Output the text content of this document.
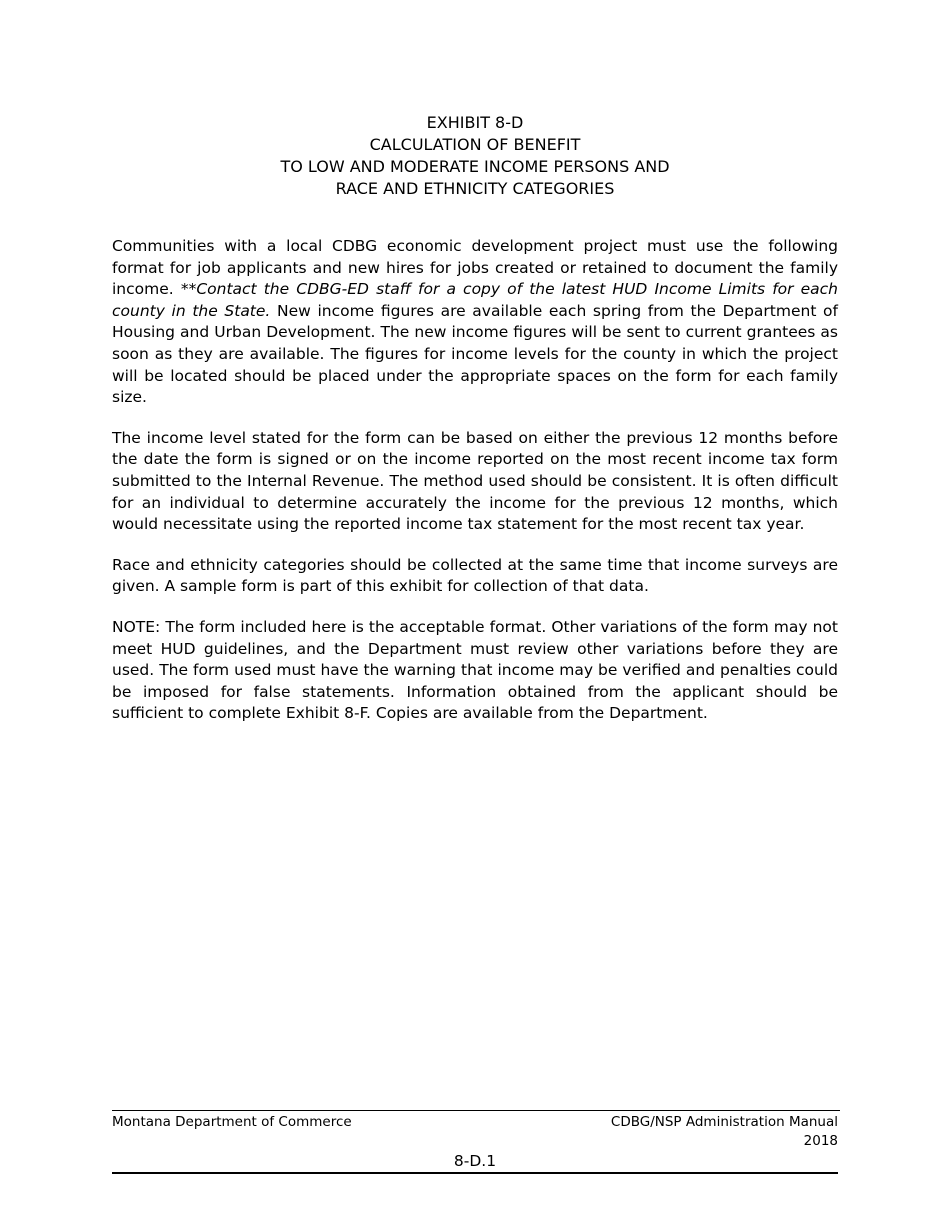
EXHIBIT 8-D
CALCULATION OF BENEFIT
TO LOW AND MODERATE INCOME PERSONS AND
RACE AND ETHNICITY CATEGORIES

Communities with a local CDBG economic development project must use the following format for job applicants and new hires for jobs created or retained to document the family income. **Contact the CDBG-ED staff for a copy of the latest HUD Income Limits for each county in the State. New income figures are available each spring from the Department of Housing and Urban Development. The new income figures will be sent to current grantees as soon as they are available. The figures for income levels for the county in which the project will be located should be placed under the appropriate spaces on the form for each family size.

The income level stated for the form can be based on either the previous 12 months before the date the form is signed or on the income reported on the most recent income tax form submitted to the Internal Revenue. The method used should be consistent. It is often difficult for an individual to determine accurately the income for the previous 12 months, which would necessitate using the reported income tax statement for the most recent tax year.

Race and ethnicity categories should be collected at the same time that income surveys are given. A sample form is part of this exhibit for collection of that data.

NOTE: The form included here is the acceptable format. Other variations of the form may not meet HUD guidelines, and the Department must review other variations before they are used. The form used must have the warning that income may be verified and penalties could be imposed for false statements. Information obtained from the applicant should be sufficient to complete Exhibit 8-F. Copies are available from the Department.

Montana Department of Commerce	CDBG/NSP Administration Manual
2018
8-D.1
